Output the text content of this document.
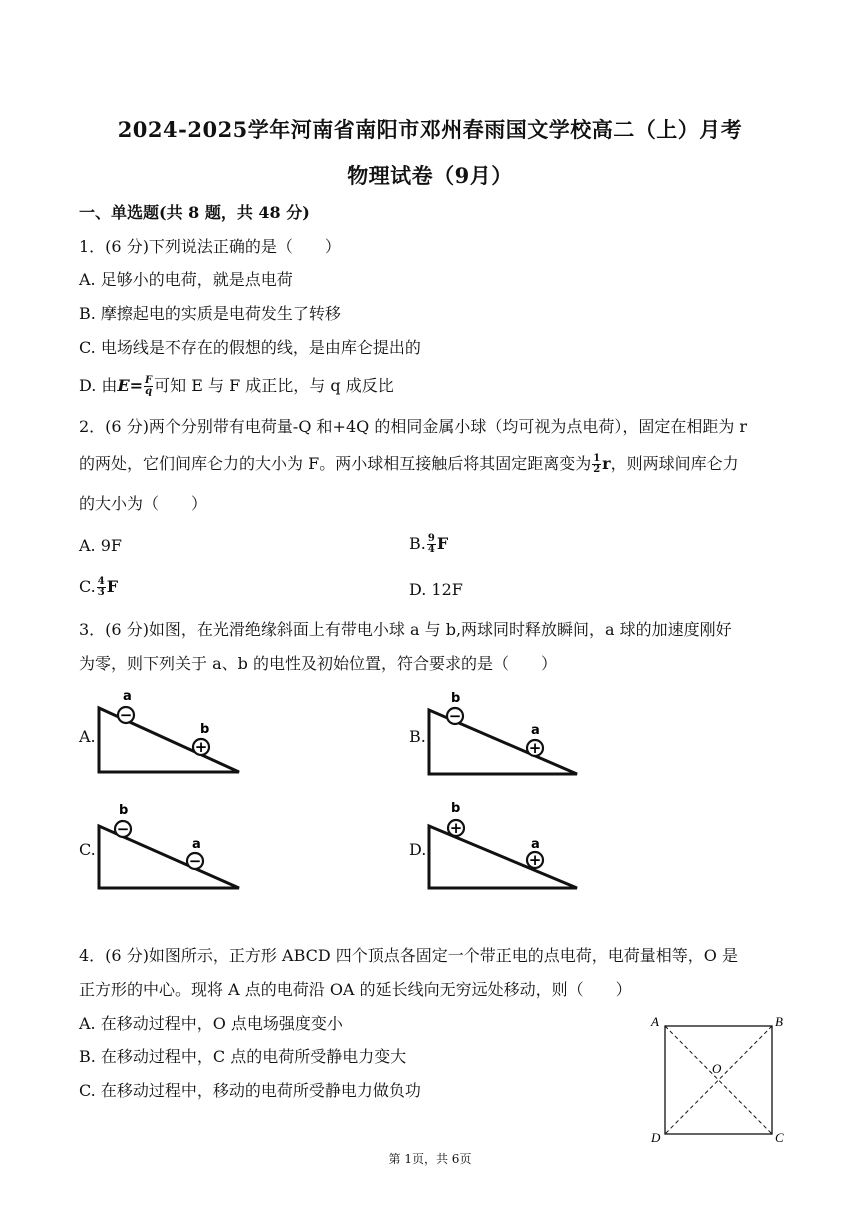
2024-2025学年河南省南阳市邓州春雨国文学校高二（上）月考
物理试卷（9月）
一、单选题(共 8 题，共 48 分)
1．(6 分)下列说法正确的是（　　）
A. 足够小的电荷，就是点电荷
B. 摩擦起电的实质是电荷发生了转移
C. 电场线是不存在的假想的线，是由库仑提出的
D. 由$E= \frac{F}{q}$ 可知 E 与 F 成正比，与 q 成反比
2．(6 分)两个分别带有电荷量-Q 和+4Q 的相同金属小球（均可视为点电荷），固定在相距为 r
的两处，它们间库仑力的大小为 F。两小球相互接触后将其固定距离变为 $\frac{1}{2}$ r，则两球间库仑力
的大小为（　　）
A. 9F	B. $\frac{9}{4}$ F
C. $\frac{4}{3}$ F	D. 12F
3．(6 分)如图，在光滑绝缘斜面上有带电小球 a 与 b,两球同时释放瞬间，a 球的加速度刚好
为零，则下列关于 a、b 的电性及初始位置，符合要求的是（　　）
A.	B.
C.	D.
a
−
b
+
b
−
a
+
b
−
a
−
b
+
a
+
4．(6 分)如图所示，正方形 ABCD 四个顶点各固定一个带正电的点电荷，电荷量相等，O 是
正方形的中心。现将 A 点的电荷沿 OA 的延长线向无穷远处移动，则（　　）
A. 在移动过程中，O 点电场强度变小
B. 在移动过程中，C 点的电荷所受静电力变大
C. 在移动过程中，移动的电荷所受静电力做负功
A	B
C
D
O
第 1页，共 6页
